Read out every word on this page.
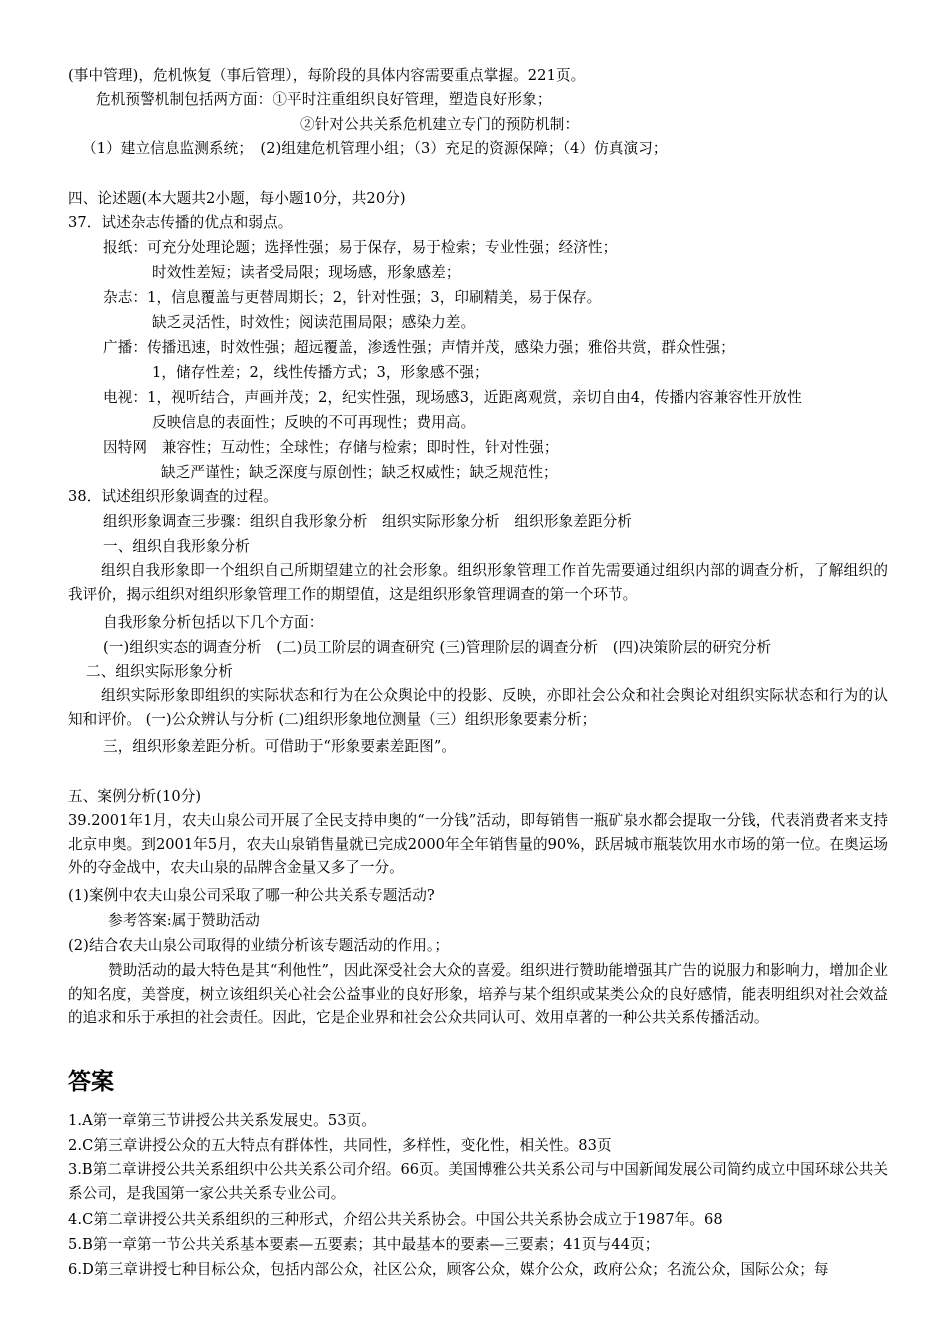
(事中管理)，危机恢复（事后管理），每阶段的具体内容需要重点掌握。221页。
危机预警机制包括两方面：①平时注重组织良好管理，塑造良好形象；
②针对公共关系危机建立专门的预防机制：
（1）建立信息监测系统；　(2)组建危机管理小组；（3）充足的资源保障；（4）仿真演习；
四、论述题(本大题共2小题，每小题10分，共20分)
37．试述杂志传播的优点和弱点。
报纸：可充分处理论题；选择性强；易于保存，易于检索；专业性强；经济性；
时效性差短；读者受局限；现场感，形象感差；
杂志：1，信息覆盖与更替周期长；2，针对性强；3，印刷精美，易于保存。
缺乏灵活性，时效性；阅读范围局限；感染力差。
广播：传播迅速，时效性强；超远覆盖，渗透性强；声情并茂，感染力强；雅俗共赏，群众性强；
1，储存性差；2，线性传播方式；3，形象感不强；
电视：1，视听结合，声画并茂；2，纪实性强，现场感3，近距离观赏，亲切自由4，传播内容兼容性开放性
反映信息的表面性；反映的不可再现性；费用高。
因特网　兼容性；互动性；全球性；存储与检索；即时性，针对性强；
缺乏严谨性；缺乏深度与原创性；缺乏权威性；缺乏规范性；
38．试述组织形象调查的过程。
组织形象调查三步骤：组织自我形象分析　组织实际形象分析　组织形象差距分析
一、组织自我形象分析
组织自我形象即一个组织自己所期望建立的社会形象。组织形象管理工作首先需要通过组织内部的调查分析，了解组织的我评价，揭示组织对组织形象管理工作的期望值，这是组织形象管理调查的第一个环节。
自我形象分析包括以下几个方面：
(一)组织实态的调查分析　(二)员工阶层的调查研究 (三)管理阶层的调查分析　(四)决策阶层的研究分析
二、组织实际形象分析
组织实际形象即组织的实际状态和行为在公众舆论中的投影、反映，亦即社会公众和社会舆论对组织实际状态和行为的认知和评价。 (一)公众辨认与分析 (二)组织形象地位测量（三）组织形象要素分析；
三，组织形象差距分析。可借助于“形象要素差距图”。
五、案例分析(10分)
39.2001年1月，农夫山泉公司开展了全民支持申奥的“一分钱”活动，即每销售一瓶矿泉水都会提取一分钱，代表消费者来支持北京申奥。到2001年5月，农夫山泉销售量就已完成2000年全年销售量的90%，跃居城市瓶装饮用水市场的第一位。在奥运场外的夺金战中，农夫山泉的品牌含金量又多了一分。
(1)案例中农夫山泉公司采取了哪一种公共关系专题活动?
参考答案:属于赞助活动
(2)结合农夫山泉公司取得的业绩分析该专题活动的作用。；
赞助活动的最大特色是其“利他性”，因此深受社会大众的喜爱。组织进行赞助能增强其广告的说服力和影响力，增加企业的知名度，美誉度，树立该组织关心社会公益事业的良好形象，培养与某个组织或某类公众的良好感情，能表明组织对社会效益的追求和乐于承担的社会责任。因此，它是企业界和社会公众共同认可、效用卓著的一种公共关系传播活动。
答案
1.A第一章第三节讲授公共关系发展史。53页。
2.C第三章讲授公众的五大特点有群体性，共同性，多样性，变化性，相关性。83页
3.B第二章讲授公共关系组织中公共关系公司介绍。66页。美国博雅公共关系公司与中国新闻发展公司简约成立中国环球公共关系公司，是我国第一家公共关系专业公司。
4.C第二章讲授公共关系组织的三种形式，介绍公共关系协会。中国公共关系协会成立于1987年。68
5.B第一章第一节公共关系基本要素—五要素；其中最基本的要素—三要素；41页与44页；
6.D第三章讲授七种目标公众，包括内部公众，社区公众，顾客公众，媒介公众，政府公众；名流公众，国际公众；每
